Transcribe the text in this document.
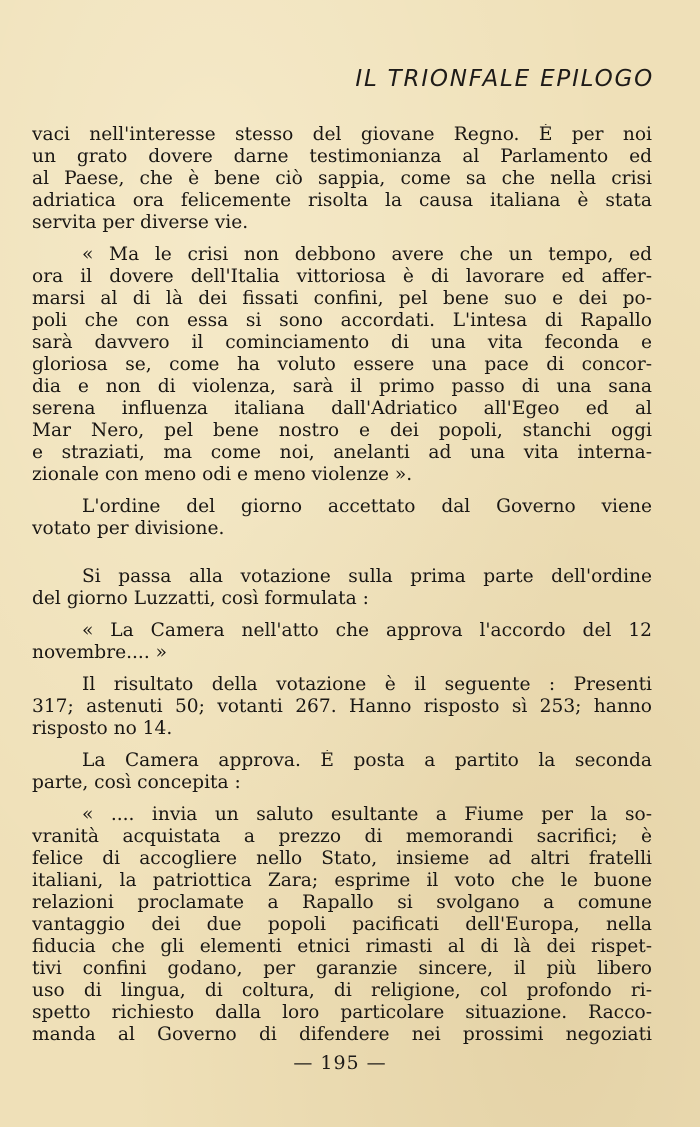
IL TRIONFALE EPILOGO
vaci nell'interesse stesso del giovane Regno. È per noi
un grato dovere darne testimonianza al Parlamento ed
al Paese, che è bene ciò sappia, come sa che nella crisi
adriatica ora felicemente risolta la causa italiana è stata
servita per diverse vie.
« Ma le crisi non debbono avere che un tempo, ed
ora il dovere dell'Italia vittoriosa è di lavorare ed affer-
marsi al di là dei fissati confini, pel bene suo e dei po-
poli che con essa si sono accordati. L'intesa di Rapallo
sarà davvero il cominciamento di una vita feconda e
gloriosa se, come ha voluto essere una pace di concor-
dia e non di violenza, sarà il primo passo di una sana
serena influenza italiana dall'Adriatico all'Egeo ed al
Mar Nero, pel bene nostro e dei popoli, stanchi oggi
e straziati, ma come noi, anelanti ad una vita interna-
zionale con meno odi e meno violenze ».
L'ordine del giorno accettato dal Governo viene
votato per divisione.
Si passa alla votazione sulla prima parte dell'ordine
del giorno Luzzatti, così formulata :
« La Camera nell'atto che approva l'accordo del 12
novembre.... »
Il risultato della votazione è il seguente : Presenti
317; astenuti 50; votanti 267. Hanno risposto sì 253; hanno
risposto no 14.
La Camera approva. È posta a partito la seconda
parte, così concepita :
« .... invia un saluto esultante a Fiume per la so-
vranità acquistata a prezzo di memorandi sacrifici; è
felice di accogliere nello Stato, insieme ad altri fratelli
italiani, la patriottica Zara; esprime il voto che le buone
relazioni proclamate a Rapallo si svolgano a comune
vantaggio dei due popoli pacificati dell'Europa, nella
fiducia che gli elementi etnici rimasti al di là dei rispet-
tivi confini godano, per garanzie sincere, il più libero
uso di lingua, di coltura, di religione, col profondo ri-
spetto richiesto dalla loro particolare situazione. Racco-
manda al Governo di difendere nei prossimi negoziati
— 195 —
